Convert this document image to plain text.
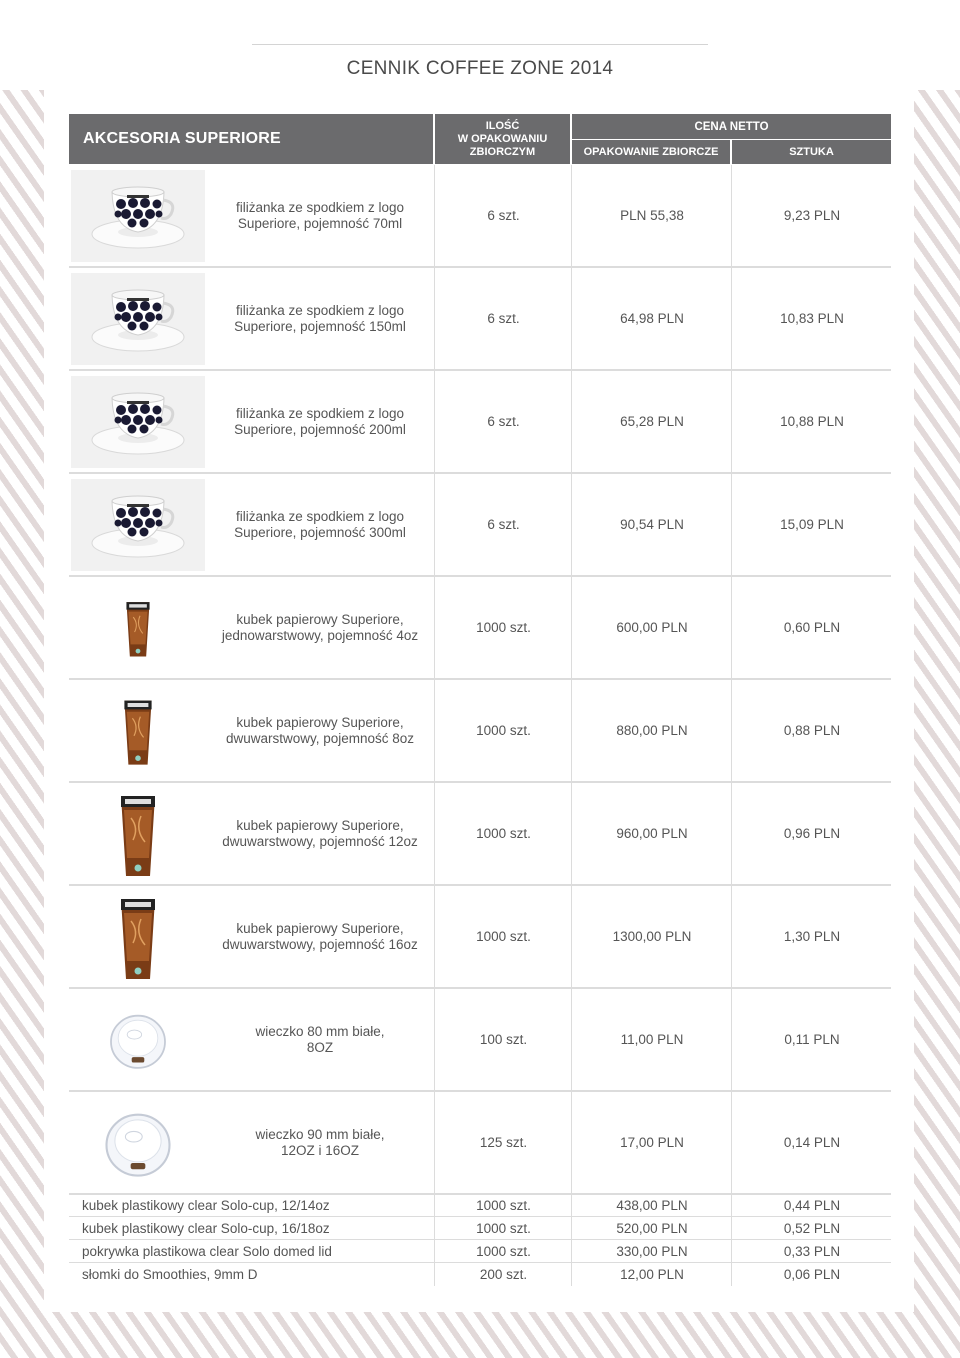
CENNIK COFFEE ZONE 2014
AKCESORIA SUPERIORE
ILOŚĆ
W OPAKOWANIU
ZBIORCZYM
CENA NETTO
OPAKOWANIE ZBIORCZE	SZTUKA
filiżanka ze spodkiem z logo
Superiore, pojemność 70ml	6 szt.	PLN 55,38	9,23 PLN
filiżanka ze spodkiem z logo
Superiore, pojemność 150ml	6 szt.	64,98 PLN	10,83 PLN
filiżanka ze spodkiem z logo
Superiore, pojemność 200ml	6 szt.	65,28 PLN	10,88 PLN
filiżanka ze spodkiem z logo
Superiore, pojemność 300ml	6 szt.	90,54 PLN	15,09 PLN
kubek papierowy Superiore,
jednowarstwowy, pojemność 4oz	1000 szt.	600,00 PLN	0,60 PLN
kubek papierowy Superiore,
dwuwarstwowy, pojemność 8oz	1000 szt.	880,00 PLN	0,88 PLN
kubek papierowy Superiore,
dwuwarstwowy, pojemność 12oz	1000 szt.	960,00 PLN	0,96 PLN
kubek papierowy Superiore,
dwuwarstwowy, pojemność 16oz	1000 szt.	1300,00 PLN	1,30 PLN
wieczko 80 mm białe,
8OZ	100 szt.	11,00 PLN	0,11 PLN
wieczko 90 mm białe,
12OZ i 16OZ	125 szt.	17,00 PLN	0,14 PLN
kubek plastikowy clear Solo-cup, 12/14oz	1000 szt.	438,00 PLN	0,44 PLN
kubek plastikowy clear Solo-cup, 16/18oz	1000 szt.	520,00 PLN	0,52 PLN
pokrywka plastikowa clear Solo domed lid	1000 szt.	330,00 PLN	0,33 PLN
słomki do Smoothies, 9mm D	200 szt.	12,00 PLN	0,06 PLN
